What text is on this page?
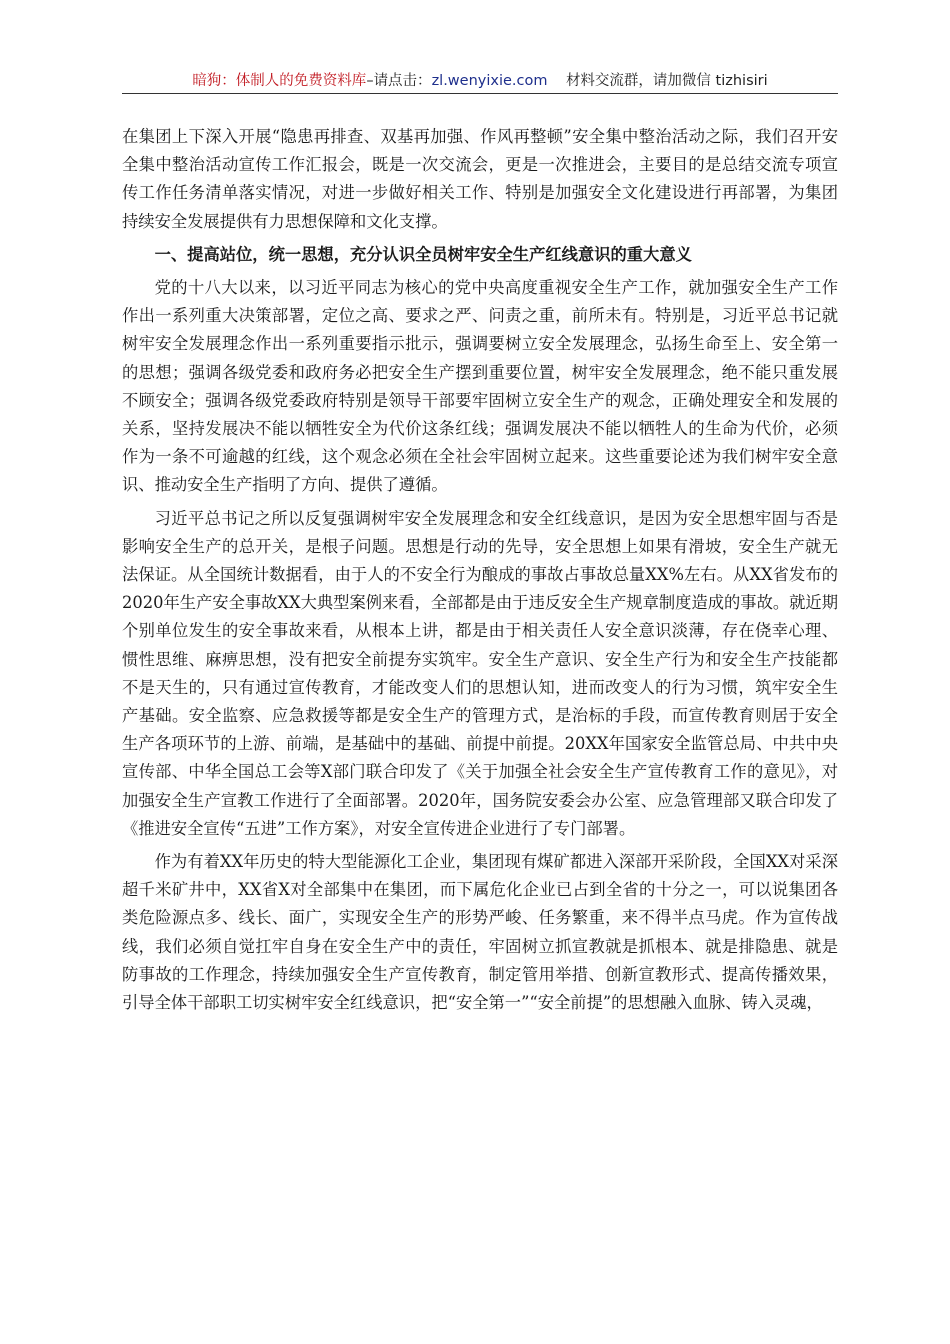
暗狗：体制人的免费资料库–请点击：zl.wenyixie.com 材料交流群，请加微信 tizhisiri

在集团上下深入开展“隐患再排查、双基再加强、作风再整顿”安全集中整治活动之际，我们召开安全集中整治活动宣传工作汇报会，既是一次交流会，更是一次推进会，主要目的是总结交流专项宣传工作任务清单落实情况，对进一步做好相关工作、特别是加强安全文化建设进行再部署，为集团持续安全发展提供有力思想保障和文化支撑。

一、提高站位，统一思想，充分认识全员树牢安全生产红线意识的重大意义

党的十八大以来，以习近平同志为核心的党中央高度重视安全生产工作，就加强安全生产工作作出一系列重大决策部署，定位之高、要求之严、问责之重，前所未有。特别是，习近平总书记就树牢安全发展理念作出一系列重要指示批示，强调要树立安全发展理念，弘扬生命至上、安全第一的思想；强调各级党委和政府务必把安全生产摆到重要位置，树牢安全发展理念，绝不能只重发展不顾安全；强调各级党委政府特别是领导干部要牢固树立安全生产的观念，正确处理安全和发展的关系，坚持发展决不能以牺牲安全为代价这条红线；强调发展决不能以牺牲人的生命为代价，必须作为一条不可逾越的红线，这个观念必须在全社会牢固树立起来。这些重要论述为我们树牢安全意识、推动安全生产指明了方向、提供了遵循。

习近平总书记之所以反复强调树牢安全发展理念和安全红线意识，是因为安全思想牢固与否是影响安全生产的总开关，是根子问题。思想是行动的先导，安全思想上如果有滑坡，安全生产就无法保证。从全国统计数据看，由于人的不安全行为酿成的事故占事故总量XX%左右。从XX省发布的2020年生产安全事故XX大典型案例来看，全部都是由于违反安全生产规章制度造成的事故。就近期个别单位发生的安全事故来看，从根本上讲，都是由于相关责任人安全意识淡薄，存在侥幸心理、惯性思维、麻痹思想，没有把安全前提夯实筑牢。安全生产意识、安全生产行为和安全生产技能都不是天生的，只有通过宣传教育，才能改变人们的思想认知，进而改变人的行为习惯，筑牢安全生产基础。安全监察、应急救援等都是安全生产的管理方式，是治标的手段，而宣传教育则居于安全生产各项环节的上游、前端，是基础中的基础、前提中前提。20XX年国家安全监管总局、中共中央宣传部、中华全国总工会等X部门联合印发了《关于加强全社会安全生产宣传教育工作的意见》，对加强安全生产宣教工作进行了全面部署。2020年，国务院安委会办公室、应急管理部又联合印发了《推进安全宣传“五进”工作方案》，对安全宣传进企业进行了专门部署。

作为有着XX年历史的特大型能源化工企业，集团现有煤矿都进入深部开采阶段，全国XX对采深超千米矿井中，XX省X对全部集中在集团，而下属危化企业已占到全省的十分之一，可以说集团各类危险源点多、线长、面广，实现安全生产的形势严峻、任务繁重，来不得半点马虎。作为宣传战线，我们必须自觉扛牢自身在安全生产中的责任，牢固树立抓宣教就是抓根本、就是排隐患、就是防事故的工作理念，持续加强安全生产宣传教育，制定管用举措、创新宣教形式、提高传播效果，引导全体干部职工切实树牢安全红线意识，把“安全第一”“安全前提”的思想融入血脉、铸入灵魂，
